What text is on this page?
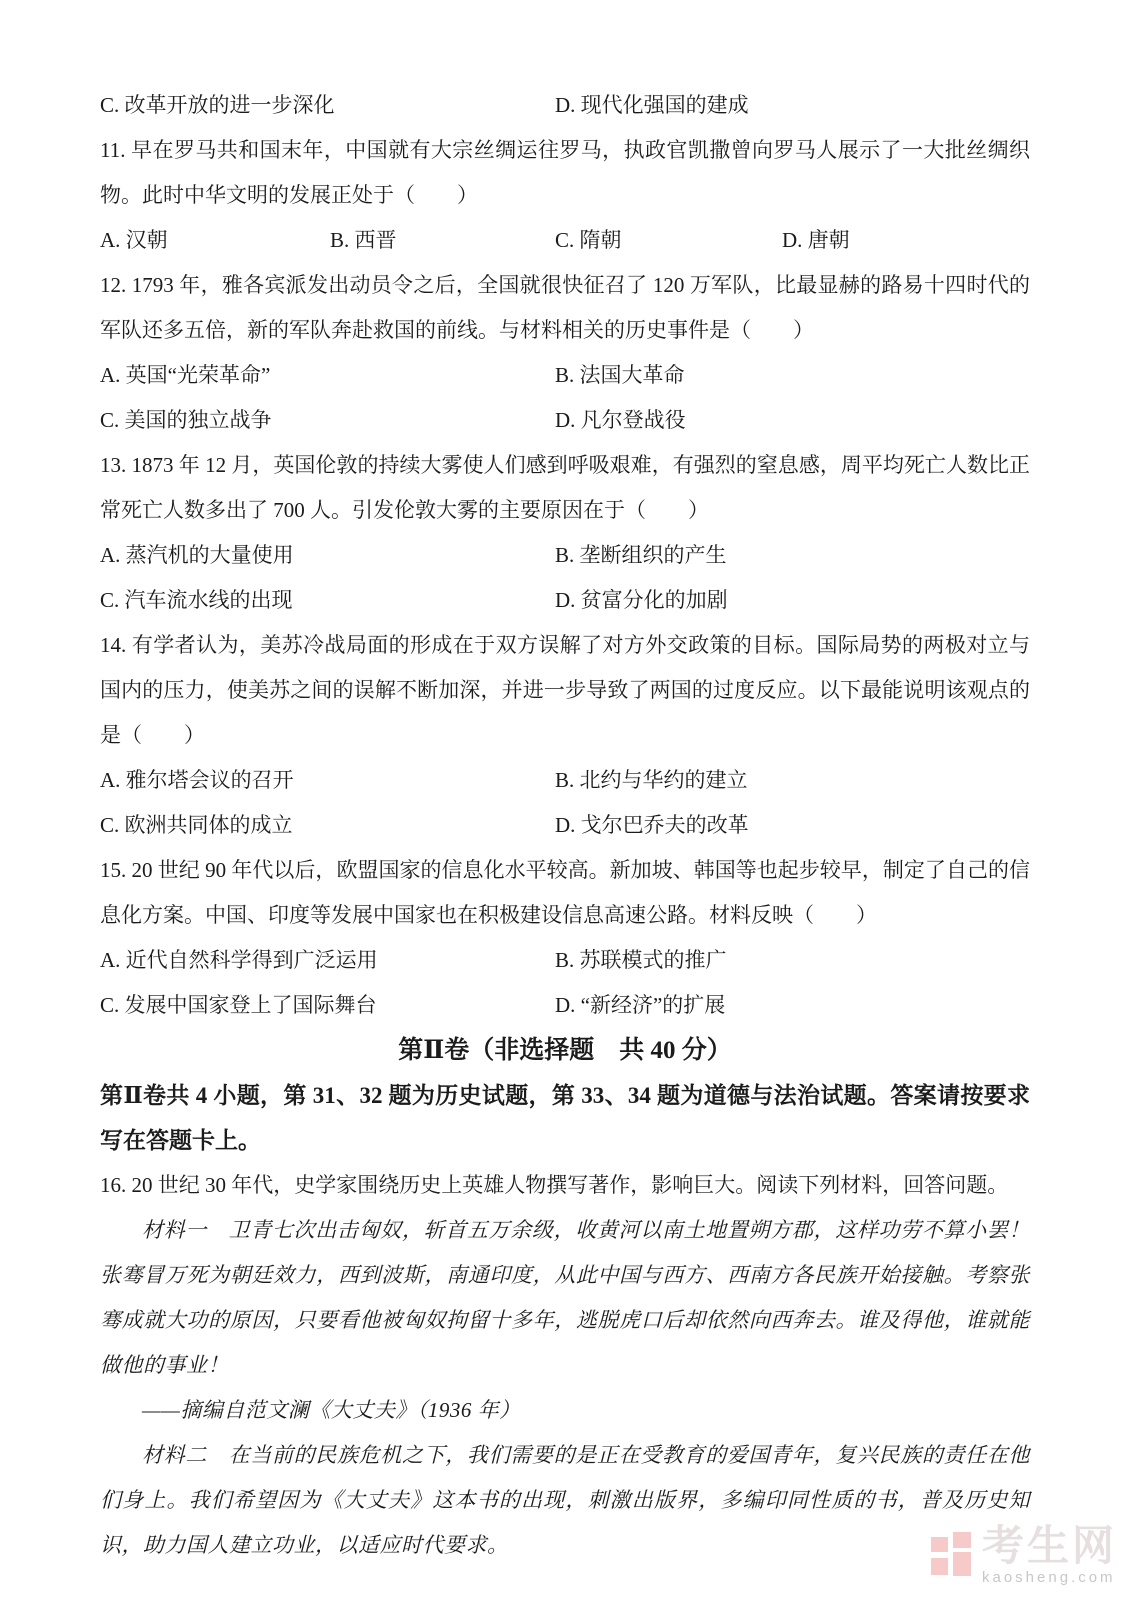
C. 改革开放的进一步深化	D. 现代化强国的建成

11. 早在罗马共和国末年，中国就有大宗丝绸运往罗马，执政官凯撒曾向罗马人展示了一大批丝绸织物。此时中华文明的发展正处于（　　）

A. 汉朝	B. 西晋	C. 隋朝	D. 唐朝

12. 1793 年，雅各宾派发出动员令之后，全国就很快征召了 120 万军队，比最显赫的路易十四时代的军队还多五倍，新的军队奔赴救国的前线。与材料相关的历史事件是（　　）

A. 英国“光荣革命”	B. 法国大革命
C. 美国的独立战争	D. 凡尔登战役

13. 1873 年 12 月，英国伦敦的持续大雾使人们感到呼吸艰难，有强烈的窒息感，周平均死亡人数比正常死亡人数多出了 700 人。引发伦敦大雾的主要原因在于（　　）

A. 蒸汽机的大量使用	B. 垄断组织的产生
C. 汽车流水线的出现	D. 贫富分化的加剧

14. 有学者认为，美苏冷战局面的形成在于双方误解了对方外交政策的目标。国际局势的两极对立与国内的压力，使美苏之间的误解不断加深，并进一步导致了两国的过度反应。以下最能说明该观点的是（　　）

A. 雅尔塔会议的召开	B. 北约与华约的建立
C. 欧洲共同体的成立	D. 戈尔巴乔夫的改革

15. 20 世纪 90 年代以后，欧盟国家的信息化水平较高。新加坡、韩国等也起步较早，制定了自己的信息化方案。中国、印度等发展中国家也在积极建设信息高速公路。材料反映（　　）

A. 近代自然科学得到广泛运用	B. 苏联模式的推广
C. 发展中国家登上了国际舞台	D. “新经济”的扩展
第Ⅱ卷（非选择题　共 40 分）

第Ⅱ卷共 4 小题，第 31、32 题为历史试题，第 33、34 题为道德与法治试题。答案请按要求写在答题卡上。

16. 20 世纪 30 年代，史学家围绕历史上英雄人物撰写著作，影响巨大。阅读下列材料，回答问题。

材料一　卫青七次出击匈奴，斩首五万余级，收黄河以南土地置朔方郡，这样功劳不算小罢！张骞冒万死为朝廷效力，西到波斯，南通印度，从此中国与西方、西南方各民族开始接触。考察张骞成就大功的原因，只要看他被匈奴拘留十多年，逃脱虎口后却依然向西奔去。谁及得他，谁就能做他的事业！

——摘编自范文澜《大丈夫》（1936 年）

材料二　在当前的民族危机之下，我们需要的是正在受教育的爱国青年，复兴民族的责任在他们身上。我们希望因为《大丈夫》这本书的出现，刺激出版界，多编印同性质的书，普及历史知识，助力国人建立功业，以适应时代要求。	考生网
kaosheng.com
